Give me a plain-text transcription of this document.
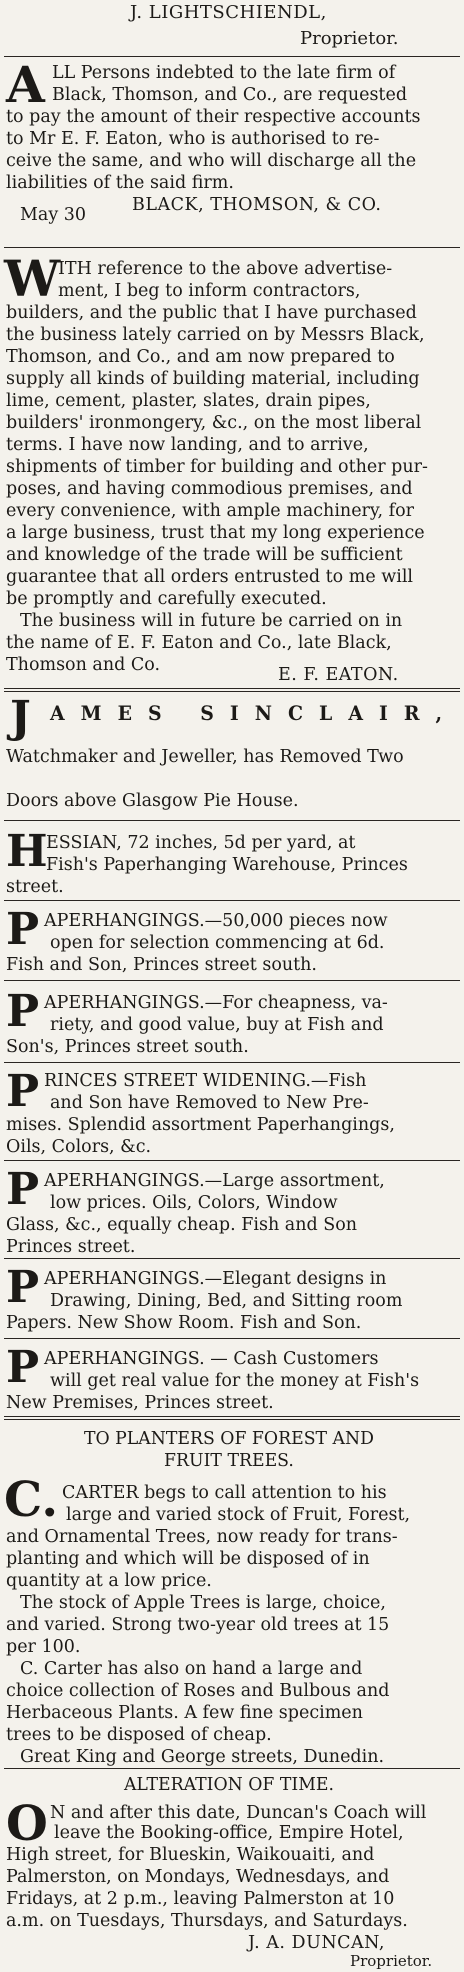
J. LIGHTSCHIENDL,
Proprietor.
A LL Persons indebted to the late firm of
Black, Thomson, and Co., are requested
to pay the amount of their respective accounts
to Mr E. F. Eaton, who is authorised to re-
ceive the same, and who will discharge all the
liabilities of the said firm.
May 30	BLACK, THOMSON, & CO.
W
ITH reference to the above advertise-
ment, I beg to inform contractors,
builders, and the public that I have purchased
the business lately carried on by Messrs Black,
Thomson, and Co., and am now prepared to
supply all kinds of building material, including
lime, cement, plaster, slates, drain pipes,
builders' ironmongery, &c., on the most liberal
terms. I have now landing, and to arrive,
shipments of timber for building and other pur-
poses, and having commodious premises, and
every convenience, with ample machinery, for
a large business, trust that my long experience
and knowledge of the trade will be sufficient
guarantee that all orders entrusted to me will
be promptly and carefully executed.
The business will in future be carried on in
the name of E. F. Eaton and Co., late Black,
Thomson and Co.	E. F. EATON.
J AMES SINCLAIR,
Watchmaker and Jeweller, has Removed Two
Doors above Glasgow Pie House.
H
ESSIAN, 72 inches, 5d per yard, at
Fish's Paperhanging Warehouse, Princes
street.
P APERHANGINGS.—50,000 pieces now
open for selection commencing at 6d.
Fish and Son, Princes street south.
P APERHANGINGS.—For cheapness, va-
riety, and good value, buy at Fish and
Son's, Princes street south.
P RINCES STREET WIDENING.—Fish
and Son have Removed to New Pre-
mises. Splendid assortment Paperhangings,
Oils, Colors, &c.
P APERHANGINGS.—Large assortment,
low prices. Oils, Colors, Window
Glass, &c., equally cheap. Fish and Son
Princes street.
P APERHANGINGS.—Elegant designs in
Drawing, Dining, Bed, and Sitting room
Papers. New Show Room. Fish and Son.
P APERHANGINGS. — Cash Customers
will get real value for the money at Fish's
New Premises, Princes street.
TO PLANTERS OF FOREST AND
FRUIT TREES.
C. CARTER begs to call attention to his
large and varied stock of Fruit, Forest,
and Ornamental Trees, now ready for trans-
planting and which will be disposed of in
quantity at a low price.
The stock of Apple Trees is large, choice,
and varied. Strong two-year old trees at 15
per 100.
C. Carter has also on hand a large and
choice collection of Roses and Bulbous and
Herbaceous Plants. A few fine specimen
trees to be disposed of cheap.
Great King and George streets, Dunedin.
ALTERATION OF TIME.
O N and after this date, Duncan's Coach will
leave the Booking-office, Empire Hotel,
High street, for Blueskin, Waikouaiti, and
Palmerston, on Mondays, Wednesdays, and
Fridays, at 2 p.m., leaving Palmerston at 10
a.m. on Tuesdays, Thursdays, and Saturdays.
J. A. DUNCAN,
Proprietor.
